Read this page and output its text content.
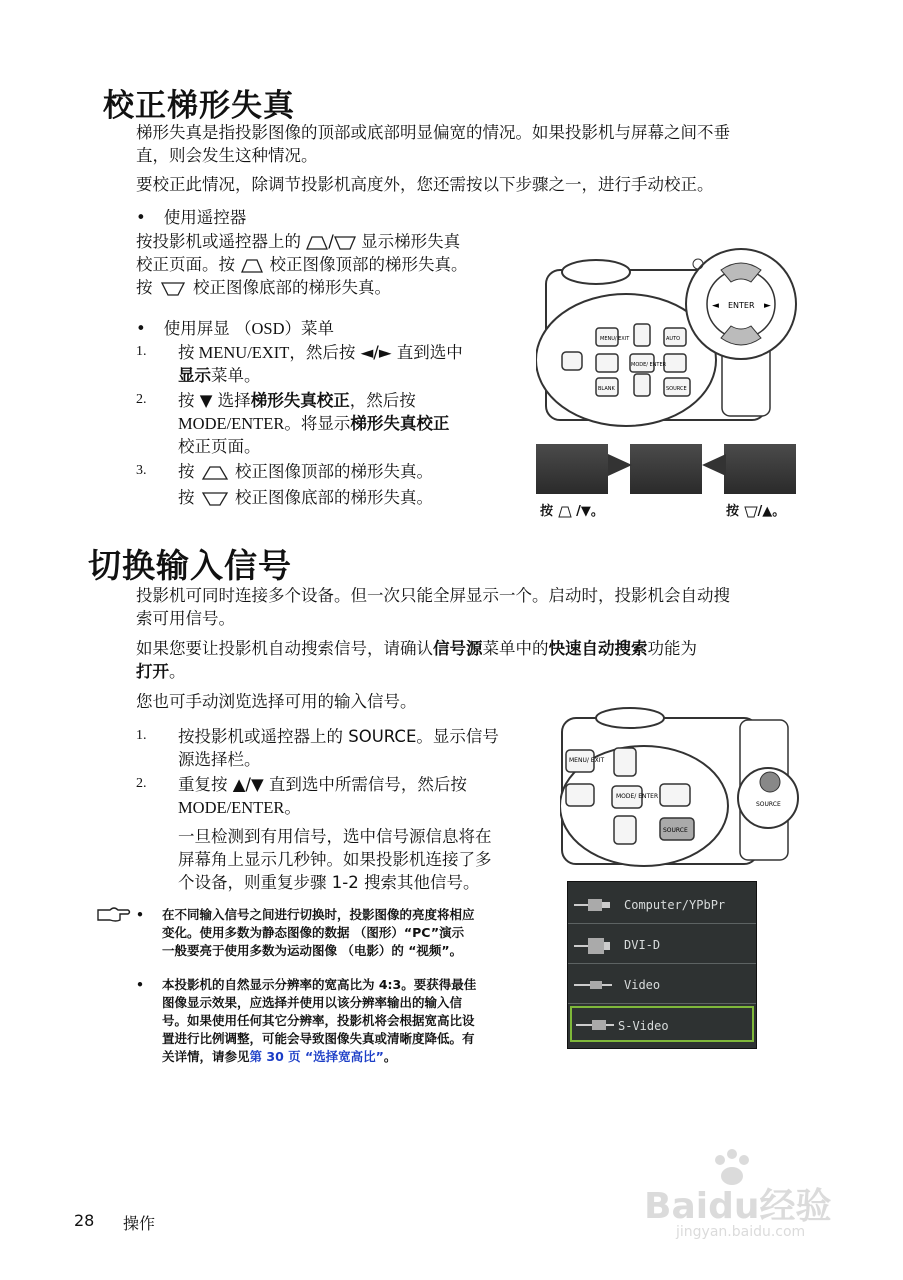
校正梯形失真
梯形失真是指投影图像的顶部或底部明显偏宽的情况。如果投影机与屏幕之间不垂
直，则会发生这种情况。
要校正此情况，除调节投影机高度外，您还需按以下步骤之一，进行手动校正。
• 使用遥控器
按投影机或遥控器上的 / 显示梯形失真
校正页面。按 校正图像顶部的梯形失真。
按 校正图像底部的梯形失真。
• 使用屏显 （OSD）菜单
1. 按 MENU/EXIT，然后按 ◄/► 直到选中
显示菜单。
2. 按 ▼ 选择梯形失真校正，然后按
MODE/ENTER。将显示梯形失真校正
校正页面。
3. 按 校正图像顶部的梯形失真。
按 校正图像底部的梯形失真。
MENU/ EXIT	AUTO
MODE/ ENTER
BLANK	SOURCE
ENTER
◄	►
按 /▼。	按 /▲。
切换输入信号
投影机可同时连接多个设备。但一次只能全屏显示一个。启动时，投影机会自动搜
索可用信号。
如果您要让投影机自动搜索信号，请确认信号源菜单中的快速自动搜索功能为
打开。
您也可手动浏览选择可用的输入信号。
1. 按投影机或遥控器上的 SOURCE。显示信号
源选择栏。
2. 重复按 ▲/▼ 直到选中所需信号，然后按
MODE/ENTER。
一旦检测到有用信号，选中信号源信息将在
屏幕角上显示几秒钟。如果投影机连接了多
个设备，则重复步骤 1-2 搜索其他信号。
MENU/ EXIT
MODE/ ENTER
SOURCE
SOURCE
Computer/YPbPr
DVI-D
Video
S-Video
• 在不同输入信号之间进行切换时，投影图像的亮度将相应
变化。使用多数为静态图像的数据 （图形）“PC”演示
一般要亮于使用多数为运动图像 （电影）的 “视频”。
• 本投影机的自然显示分辨率的宽高比为 4:3。要获得最佳
图像显示效果，应选择并使用以该分辨率输出的输入信
号。如果使用任何其它分辨率，投影机将会根据宽高比设
置进行比例调整，可能会导致图像失真或清晰度降低。有
关详情，请参见第 30 页 “选择宽高比”。
28 操作	Baidu经验
jingyan.baidu.com
